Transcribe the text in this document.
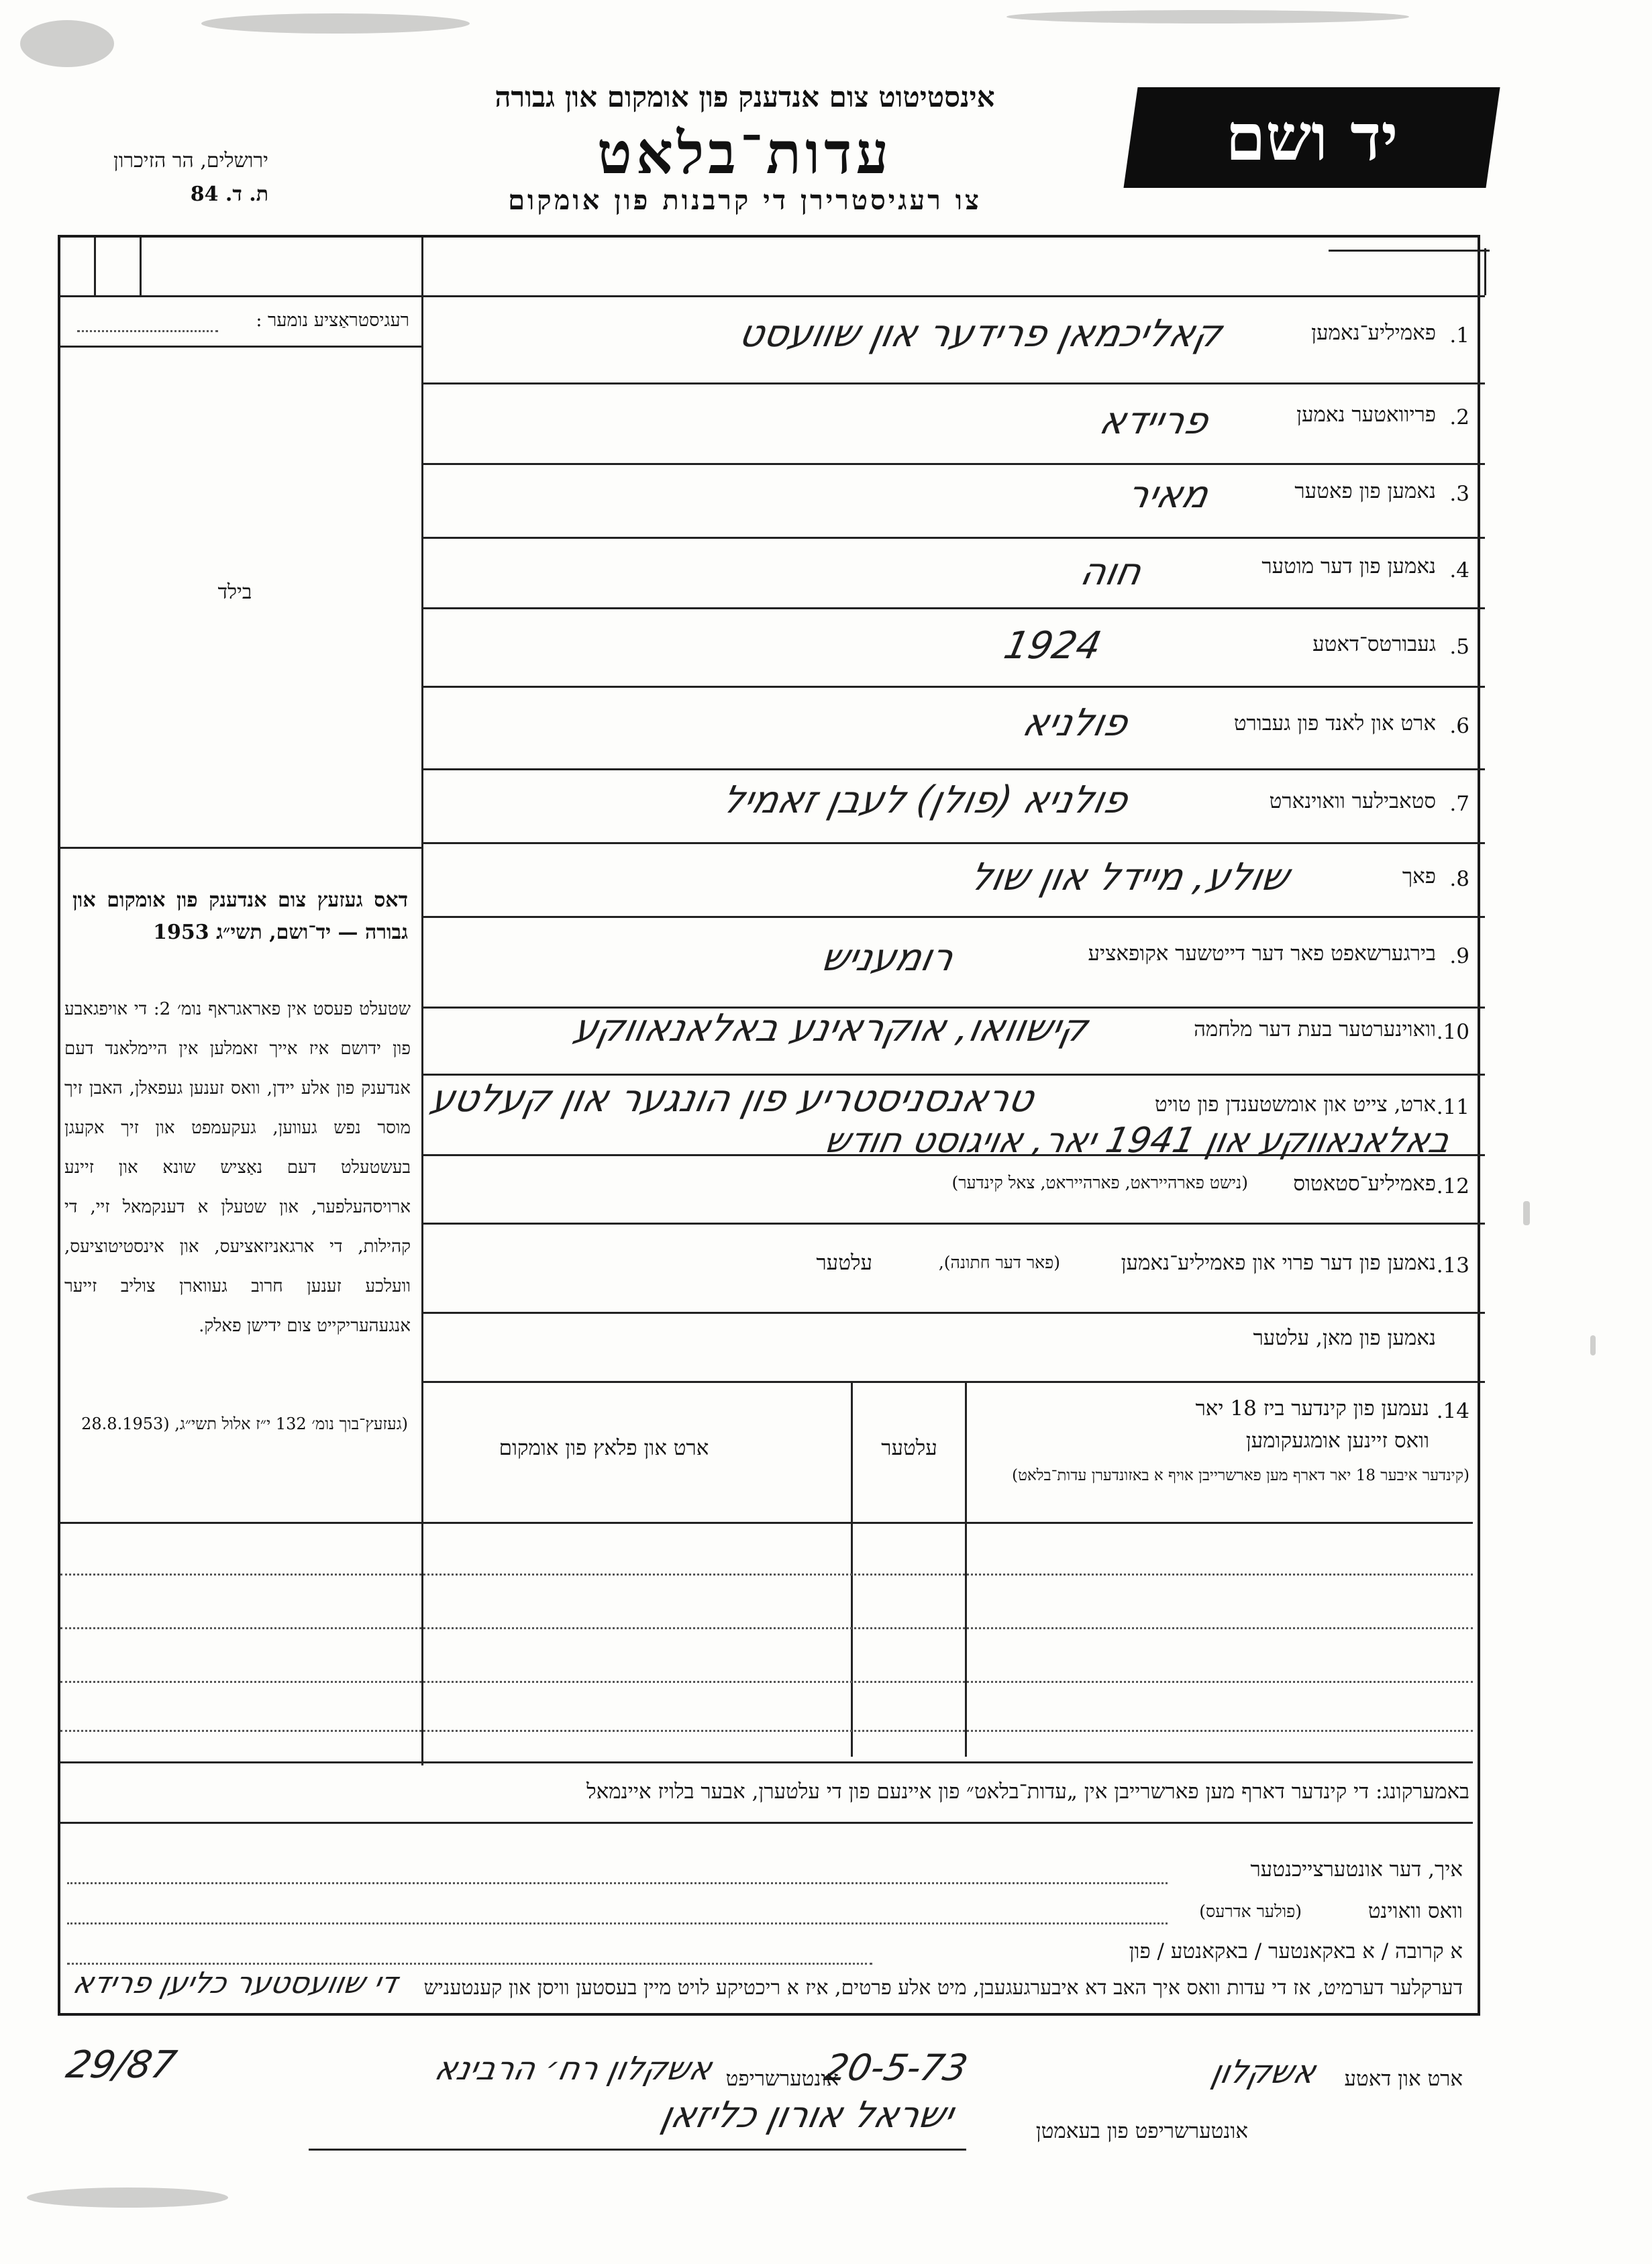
אינסטיטוט צום אנדענק פון אומקום און גבורה
עדות־בלאט
צו רעגיסטרירן די קרבנות פון אומקום
יד ושם
ירושלים, הר הזיכרון
ת. ד. 84
רעגיסטראַציע נומער :
בילד
דאס געזעץ צום אנדענק פון אומקום און גבורה — יד־ושם, תשי״ג 1953
שטעלט פעסט אין פאראגראף נומ׳ 2: די אויפגאבע פון ידושם איז אייך זאמלען אין היימלאנד דעם אנדענק פון אלע יידן, וואס זענען געפאלן, האבן זיך מוסר נפש געווען, געקעמפט און זיך אקעגן בעשטעלט דעם נאַציש שונא און זיינע ארויסהעלפער, און שטעלן א דענקמאל זיי, די קהילות, די ארגאניזאציעס, און אינסטיטוציעס, וועלכע זענען חרוב געווארן צוליב זייער אנגעהעריקייט צום ידישן פאלק.
(געזעץ־בוך נומ׳ 132 י״ז אלול תשי״ג, (28.8.1953
1.
פאמיליע־נאמען
קאליכמאן פרידער און שוועסט
2.
פריוואטער נאמען
פריידא
3.
נאמען פון פאטער
מאיר
4.
נאמען פון דער מוטער
חוה
5.
געבורטס־דאטע
1924
6.
ארט און לאנד פון געבורט
פולניא
7.
סטאבילער וואוינארט
פולניא (פולן) לעבן זאמיל
8.
פאך
שולע, מיידל און שול
9.
בירגערשאפט פאר דער דייטשער אקופאציע
רומעניש
10.
וואוינערטער בעת דער מלחמה
קישוואו, אוקראינע באלאנאווקע
11.
ארט, צייט און אומשטענדן פון טויט
טראנסניסטריע פון הונגער און קעלטע
באלאנאווקע און 1941 יאר, אויגוסט חודש
12.
פאמיליע־סטאטוס
(נישט פארהייראט, פארהייראט, צאל קינדער)
13.
נאמען פון דער פרוי און פאמיליע־נאמען
(פאר דער חתונה),
עלטער
נאמען פון מאן, עלטער
14.
נעמען פון קינדער ביז 18 יאר וואס זיינען אומגעקומען
(קינדער איבער 18 יאר דארף מען פארשרייבן אויף א באזונדערן עדות־בלאט)
עלטער
ארט און פלאץ פון אומקום
באמערקונג: די קינדער דארף מען פארשרייבן אין „עדות־בלאט״ פון איינעם פון די עלטערן, אבער בלויז איינמאל
איך, דער אונטערצייכנטער
וואס וואוינט
(פולער אדרעס)
א קרובה / א באקאנטער / באקאנטע / פון
דערקלער דערמיט, אז די עדות וואס איך האב דא איבערגעגעבן, מיט אלע פרטים, איז א ריכטיקע לויט מיין בעסטען וויסן און קענטעניש
די שוועסטער כליען פרידא
ארט און דאטע
אשקלון
20-5-73
אונטערשריפט
אשקלון רח׳ הרבינא
29/87
אונטערשריפט פון בעאמטן
ישראל אורון כליזאן
